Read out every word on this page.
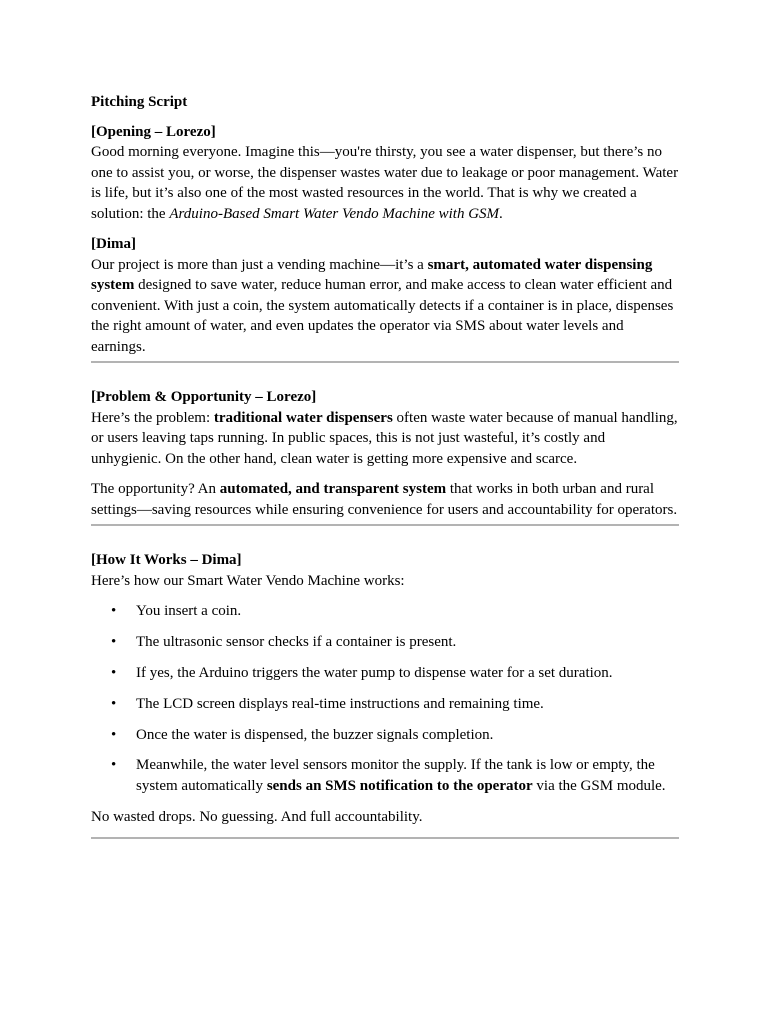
Pitching Script

[Opening – Lorezo]
Good morning everyone. Imagine this—you're thirsty, you see a water dispenser, but there’s no one to assist you, or worse, the dispenser wastes water due to leakage or poor management. Water is life, but it’s also one of the most wasted resources in the world. That is why we created a solution: the Arduino-Based Smart Water Vendo Machine with GSM.

[Dima]
Our project is more than just a vending machine—it’s a smart, automated water dispensing system designed to save water, reduce human error, and make access to clean water efficient and convenient. With just a coin, the system automatically detects if a container is in place, dispenses the right amount of water, and even updates the operator via SMS about water levels and earnings.

[Problem & Opportunity – Lorezo]
Here’s the problem: traditional water dispensers often waste water because of manual handling, or users leaving taps running. In public spaces, this is not just wasteful, it’s costly and unhygienic. On the other hand, clean water is getting more expensive and scarce.

The opportunity? An automated, and transparent system that works in both urban and rural settings—saving resources while ensuring convenience for users and accountability for operators.

[How It Works – Dima]
Here’s how our Smart Water Vendo Machine works:

• You insert a coin.
• The ultrasonic sensor checks if a container is present.
• If yes, the Arduino triggers the water pump to dispense water for a set duration.
• The LCD screen displays real-time instructions and remaining time.
• Once the water is dispensed, the buzzer signals completion.
• Meanwhile, the water level sensors monitor the supply. If the tank is low or empty, the system automatically sends an SMS notification to the operator via the GSM module.

No wasted drops. No guessing. And full accountability.
